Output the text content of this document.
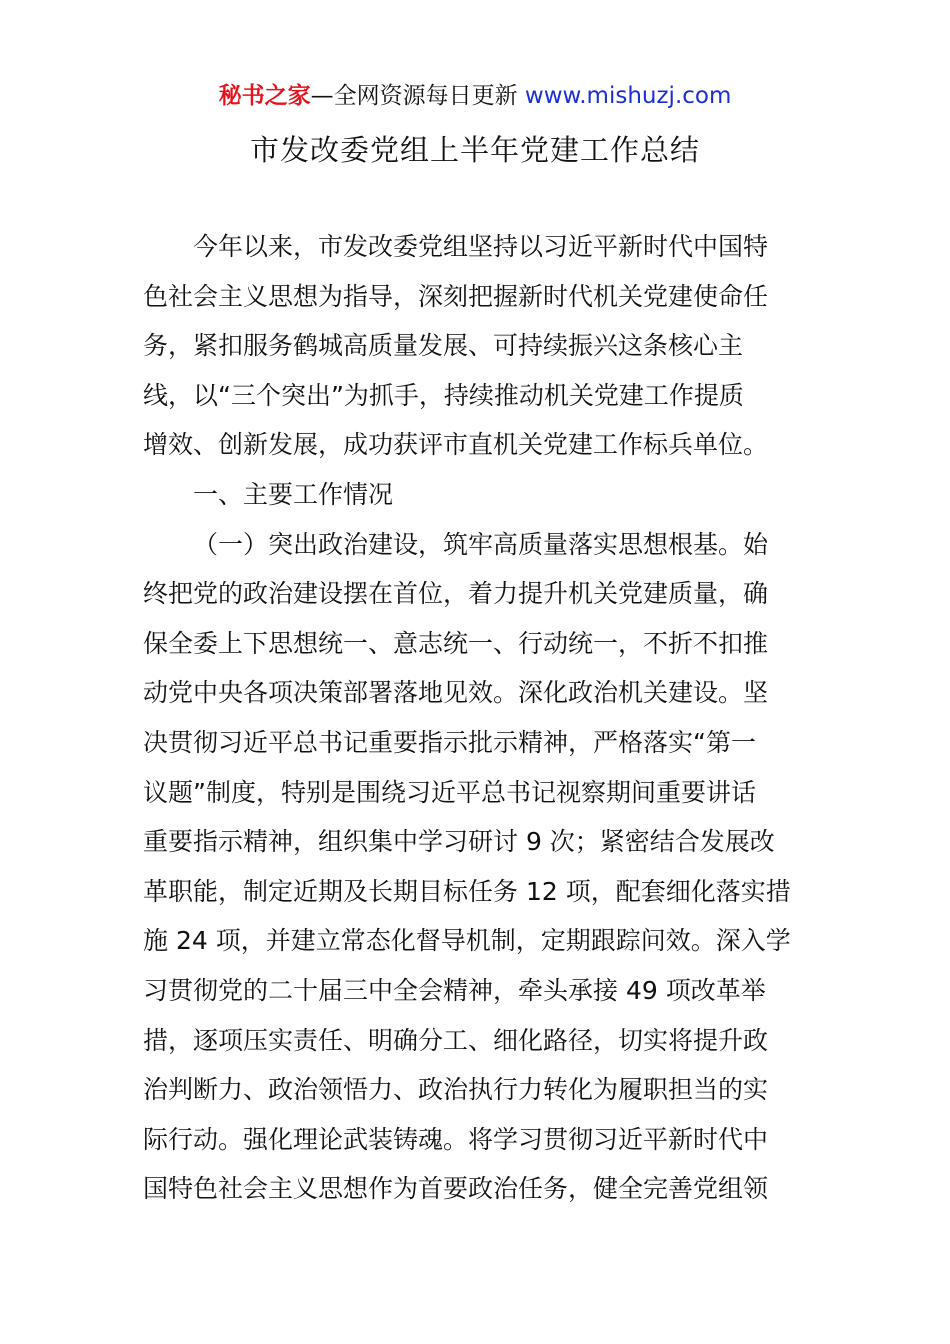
秘书之家—全网资源每日更新 www.mishuzj.com
市发改委党组上半年党建工作总结
今年以来，市发改委党组坚持以习近平新时代中国特
色社会主义思想为指导，深刻把握新时代机关党建使命任
务，紧扣服务鹤城高质量发展、可持续振兴这条核心主
线，以“三个突出”为抓手，持续推动机关党建工作提质
增效、创新发展，成功获评市直机关党建工作标兵单位。
一、主要工作情况
（一）突出政治建设，筑牢高质量落实思想根基。始
终把党的政治建设摆在首位，着力提升机关党建质量，确
保全委上下思想统一、意志统一、行动统一，不折不扣推
动党中央各项决策部署落地见效。深化政治机关建设。坚
决贯彻习近平总书记重要指示批示精神，严格落实“第一
议题”制度，特别是围绕习近平总书记视察期间重要讲话
重要指示精神，组织集中学习研讨 9 次；紧密结合发展改
革职能，制定近期及长期目标任务 12 项，配套细化落实措
施 24 项，并建立常态化督导机制，定期跟踪问效。深入学
习贯彻党的二十届三中全会精神，牵头承接 49 项改革举
措，逐项压实责任、明确分工、细化路径，切实将提升政
治判断力、政治领悟力、政治执行力转化为履职担当的实
际行动。强化理论武装铸魂。将学习贯彻习近平新时代中
国特色社会主义思想作为首要政治任务，健全完善党组领
